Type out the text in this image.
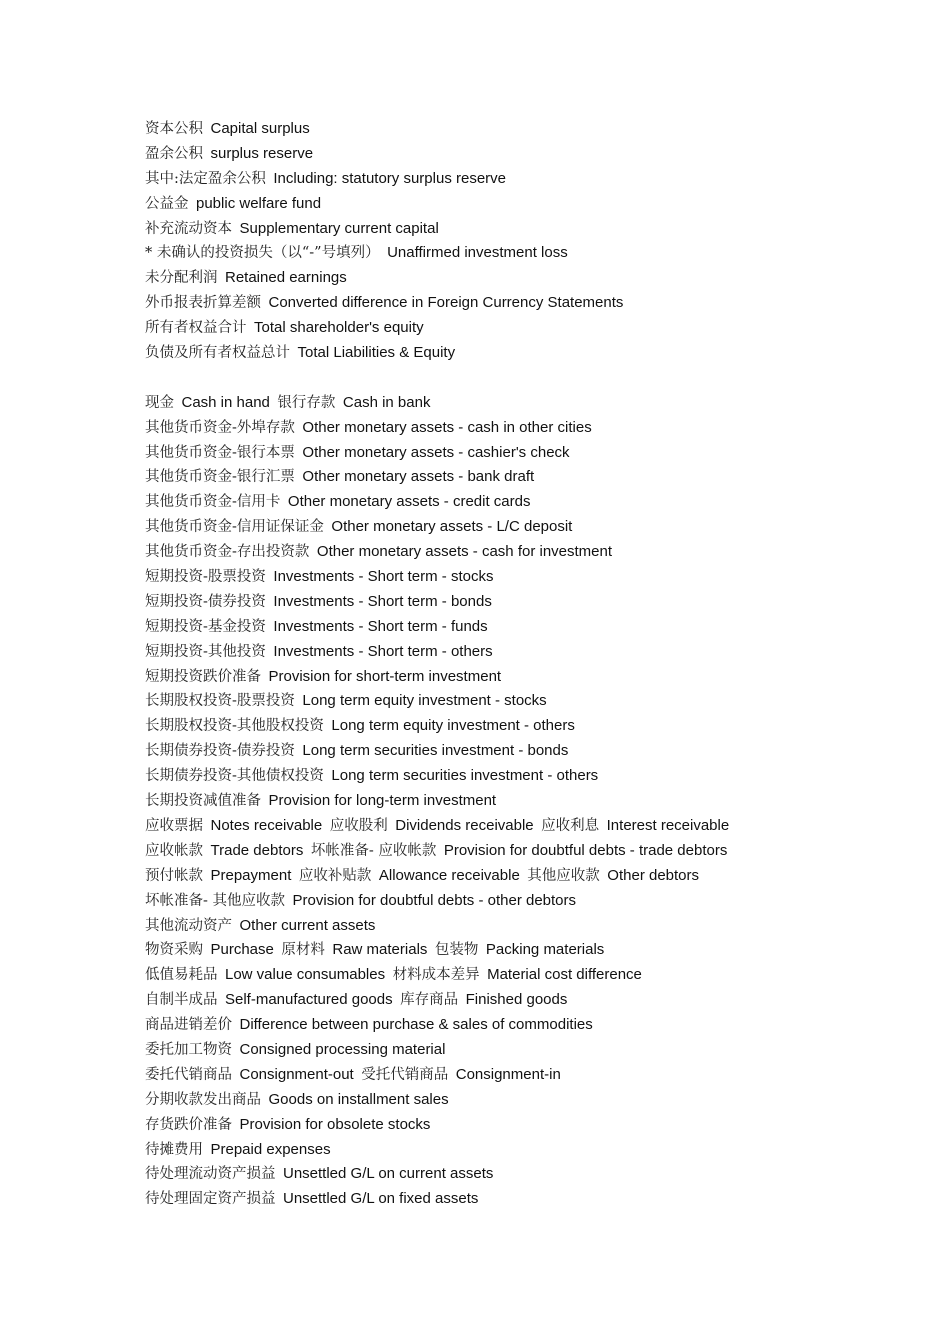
资本公积  Capital surplus
盈余公积  surplus reserve
其中:法定盈余公积  Including: statutory surplus reserve
公益金  public welfare fund
补充流动资本  Supplementary current capital
* 未确认的投资损失（以“-”号填列）  Unaffirmed investment loss
未分配利润  Retained earnings
外币报表折算差额  Converted difference in Foreign Currency Statements
所有者权益合计  Total shareholder's equity
负债及所有者权益总计  Total Liabilities & Equity
现金  Cash in hand  银行存款  Cash in bank
其他货币资金-外埠存款  Other monetary assets - cash in other cities
其他货币资金-银行本票  Other monetary assets - cashier's check
其他货币资金-银行汇票  Other monetary assets - bank draft
其他货币资金-信用卡  Other monetary assets - credit cards
其他货币资金-信用证保证金  Other monetary assets - L/C deposit
其他货币资金-存出投资款  Other monetary assets - cash for investment
短期投资-股票投资  Investments - Short term - stocks
短期投资-债券投资  Investments - Short term - bonds
短期投资-基金投资  Investments - Short term - funds
短期投资-其他投资  Investments - Short term - others
短期投资跌价准备  Provision for short-term investment
长期股权投资-股票投资  Long term equity investment - stocks
长期股权投资-其他股权投资  Long term equity investment - others
长期债券投资-债券投资  Long term securities investment - bonds
长期债券投资-其他债权投资  Long term securities investment - others
长期投资减值准备  Provision for long-term investment
应收票据  Notes receivable  应收股利  Dividends receivable  应收利息  Interest receivable
应收帐款  Trade debtors  坏帐准备- 应收帐款  Provision for doubtful debts - trade debtors
预付帐款  Prepayment  应收补贴款  Allowance receivable  其他应收款  Other debtors
坏帐准备- 其他应收款  Provision for doubtful debts - other debtors
其他流动资产  Other current assets
物资采购  Purchase  原材料  Raw materials  包装物  Packing materials
低值易耗品  Low value consumables  材料成本差异  Material cost difference
自制半成品  Self-manufactured goods  库存商品  Finished goods
商品进销差价  Difference between purchase & sales of commodities
委托加工物资  Consigned processing material
委托代销商品  Consignment-out  受托代销商品  Consignment-in
分期收款发出商品  Goods on installment sales
存货跌价准备  Provision for obsolete stocks
待摊费用  Prepaid expenses
待处理流动资产损益  Unsettled G/L on current assets
待处理固定资产损益  Unsettled G/L on fixed assets
